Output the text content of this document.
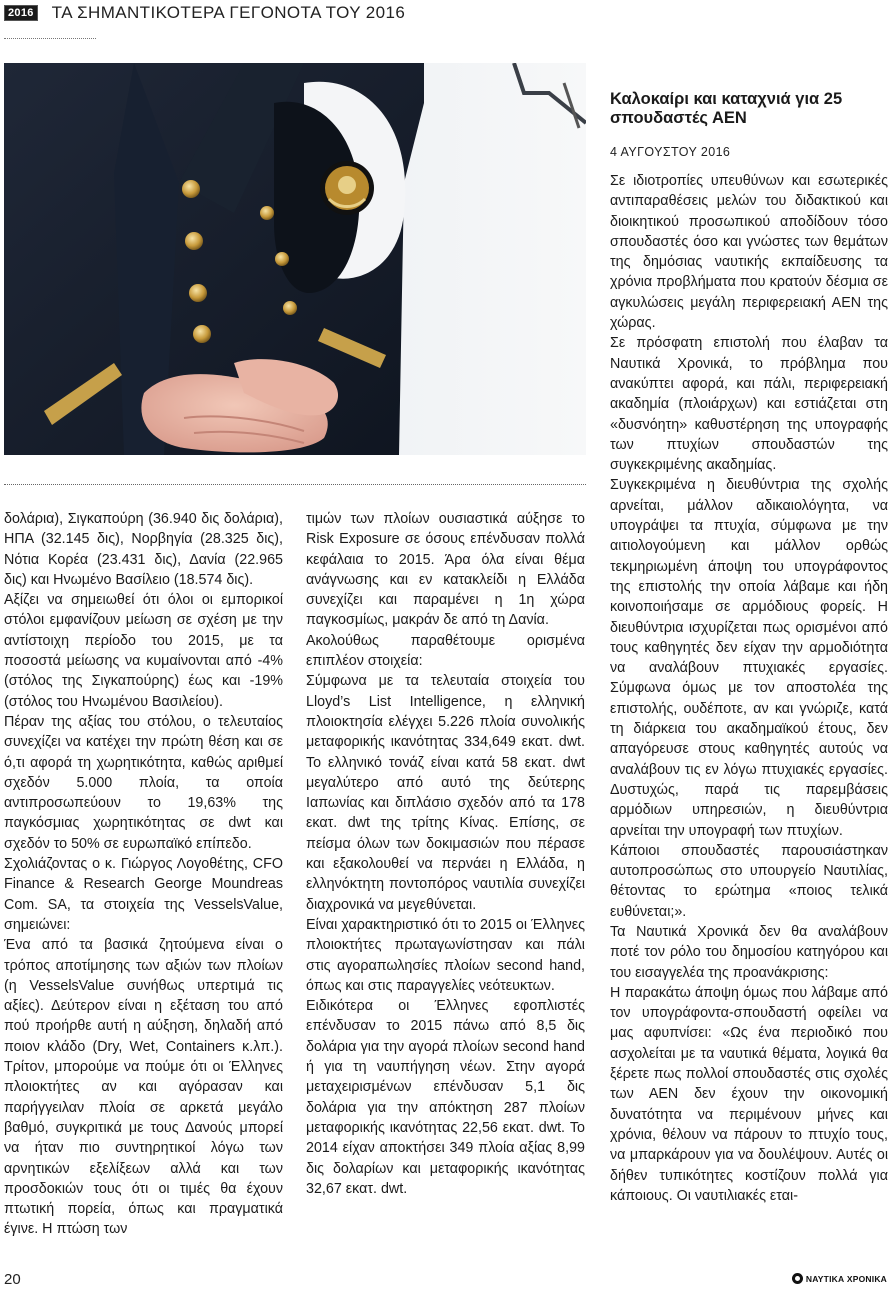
2016 ΤΑ ΣΗΜΑΝΤΙΚΟΤΕΡΑ ΓΕΓΟΝΟΤΑ ΤΟΥ 2016
Καλοκαίρι και καταχνιά για 25 σπουδαστές ΑΕΝ
4 ΑΥΓΟΥΣΤΟΥ 2016

Σε ιδιοτροπίες υπευθύνων και εσωτερικές αντιπαραθέσεις μελών του διδακτικού και διοικητικού προσωπικού αποδίδουν τόσο σπουδαστές όσο και γνώστες των θεμάτων της δημόσιας ναυτικής εκπαίδευσης τα χρόνια προβλήματα που κρατούν δέσμια σε αγκυλώσεις μεγάλη περιφερειακή ΑΕΝ της χώρας.

Σε πρόσφατη επιστολή που έλαβαν τα Ναυτικά Χρονικά, το πρόβλημα που ανακύπτει αφορά, και πάλι, περιφερειακή ακαδημία (πλοιάρχων) και εστιάζεται στη «δυσνόητη» καθυστέρηση της υπογραφής των πτυχίων σπουδαστών της συγκεκριμένης ακαδημίας.

Συγκεκριμένα η διευθύντρια της σχολής αρνείται, μάλλον αδικαιολόγητα, να υπογράψει τα πτυχία, σύμφωνα με την αιτιολογούμενη και μάλλον ορθώς τεκμηριωμένη άποψη του υπογράφοντος της επιστολής την οποία λάβαμε και ήδη κοινοποιήσαμε σε αρμόδιους φορείς. Η διευθύντρια ισχυρίζεται πως ορισμένοι από τους καθηγητές δεν είχαν την αρμοδιότητα να αναλάβουν πτυχιακές εργασίες. Σύμφωνα όμως με τον αποστολέα της επιστολής, ουδέποτε, αν και γνώριζε, κατά τη διάρκεια του ακαδημαϊκού έτους, δεν απαγόρευσε στους καθηγητές αυτούς να αναλάβουν τις εν λόγω πτυχιακές εργασίες. Δυστυχώς, παρά τις παρεμβάσεις αρμόδιων υπηρεσιών, η διευθύντρια αρνείται την υπογραφή των πτυχίων.

Κάποιοι σπουδαστές παρουσιάστηκαν αυτοπροσώπως στο υπουργείο Ναυτιλίας, θέτοντας το ερώτημα «ποιος τελικά ευθύνεται;».

Τα Ναυτικά Χρονικά δεν θα αναλάβουν ποτέ τον ρόλο του δημοσίου κατηγόρου και του εισαγγελέα της προανάκρισης:

Η παρακάτω άποψη όμως που λάβαμε από τον υπογράφοντα-σπουδαστή οφείλει να μας αφυπνίσει: «Ως ένα περιοδικό που ασχολείται με τα ναυτικά θέματα, λογικά θα ξέρετε πως πολλοί σπουδαστές στις σχολές των ΑΕΝ δεν έχουν την οικονομική δυνατότητα να περιμένουν μήνες και χρόνια, θέλουν να πάρουν το πτυχίο τους, να μπαρκάρουν για να δουλέψουν. Αυτές οι δήθεν τυπικότητες κοστίζουν πολλά για κάποιους. Οι ναυτιλιακές εται-

δολάρια), Σιγκαπούρη (36.940 δις δολάρια), ΗΠΑ (32.145 δις), Νορβηγία (28.325 δις), Νότια Κορέα (23.431 δις), Δανία (22.965 δις) και Ηνωμένο Βασίλειο (18.574 δις).

Αξίζει να σημειωθεί ότι όλοι οι εμπορικοί στόλοι εμφανίζουν μείωση σε σχέση με την αντίστοιχη περίοδο του 2015, με τα ποσοστά μείωσης να κυμαίνονται από -4% (στόλος της Σιγκαπούρης) έως και -19% (στόλος του Ηνωμένου Βασιλείου).

Πέραν της αξίας του στόλου, ο τελευταίος συνεχίζει να κατέχει την πρώτη θέση και σε ό,τι αφορά τη χωρητικότητα, καθώς αριθμεί σχεδόν 5.000 πλοία, τα οποία αντιπροσωπεύουν το 19,63% της παγκόσμιας χωρητικότητας σε dwt και σχεδόν το 50% σε ευρωπαϊκό επίπεδο.

Σχολιάζοντας ο κ. Γιώργος Λογοθέτης, CFO Finance & Research George Moundreas Com. SA, τα στοιχεία της VesselsValue, σημειώνει:

Ένα από τα βασικά ζητούμενα είναι ο τρόπος αποτίμησης των αξιών των πλοίων (η VesselsValue συνήθως υπερτιμά τις αξίες). Δεύτερον είναι η εξέταση του από πού προήρθε αυτή η αύξηση, δηλαδή από ποιον κλάδο (Dry, Wet, Containers κ.λπ.). Τρίτον, μπορούμε να πούμε ότι οι Έλληνες πλοιοκτήτες αν και αγόρασαν και παρήγγειλαν πλοία σε αρκετά μεγάλο βαθμό, συγκριτικά με τους Δανούς μπορεί να ήταν πιο συντηρητικοί λόγω των αρνητικών εξελίξεων αλλά και των προσδοκιών τους ότι οι τιμές θα έχουν πτωτική πορεία, όπως και πραγματικά έγινε. Η πτώση των

τιμών των πλοίων ουσιαστικά αύξησε το Risk Exposure σε όσους επένδυσαν πολλά κεφάλαια το 2015. Άρα όλα είναι θέμα ανάγνωσης και εν κατακλείδι η Ελλάδα συνεχίζει και παραμένει η 1η χώρα παγκοσμίως, μακράν δε από τη Δανία.

Ακολούθως παραθέτουμε ορισμένα επιπλέον στοιχεία:

Σύμφωνα με τα τελευταία στοιχεία του Lloyd’s List Intelligence, η ελληνική πλοιοκτησία ελέγχει 5.226 πλοία συνολικής μεταφορικής ικανότητας 334,649 εκατ. dwt. Το ελληνικό τονάζ είναι κατά 58 εκατ. dwt μεγαλύτερο από αυτό της δεύτερης Ιαπωνίας και διπλάσιο σχεδόν από τα 178 εκατ. dwt της τρίτης Κίνας. Επίσης, σε πείσμα όλων των δοκιμασιών που πέρασε και εξακολουθεί να περνάει η Ελλάδα, η ελληνόκτητη ποντοπόρος ναυτιλία συνεχίζει διαχρονικά να μεγεθύνεται.

Είναι χαρακτηριστικό ότι το 2015 οι Έλληνες πλοιοκτήτες πρωταγωνίστησαν και πάλι στις αγοραπωλησίες πλοίων second hand, όπως και στις παραγγελίες νεότευκτων.

Ειδικότερα οι Έλληνες εφοπλιστές επένδυσαν το 2015 πάνω από 8,5 δις δολάρια για την αγορά πλοίων second hand ή για τη ναυπήγηση νέων. Στην αγορά μεταχειρισμένων επένδυσαν 5,1 δις δολάρια για την απόκτηση 287 πλοίων μεταφορικής ικανότητας 22,56 εκατ. dwt. Το 2014 είχαν αποκτήσει 349 πλοία αξίας 8,99 δις δολαρίων και μεταφορικής ικανότητας 32,67 εκατ. dwt.

20	ΝΑΥΤΙΚΑ ΧΡΟΝΙΚΑ
